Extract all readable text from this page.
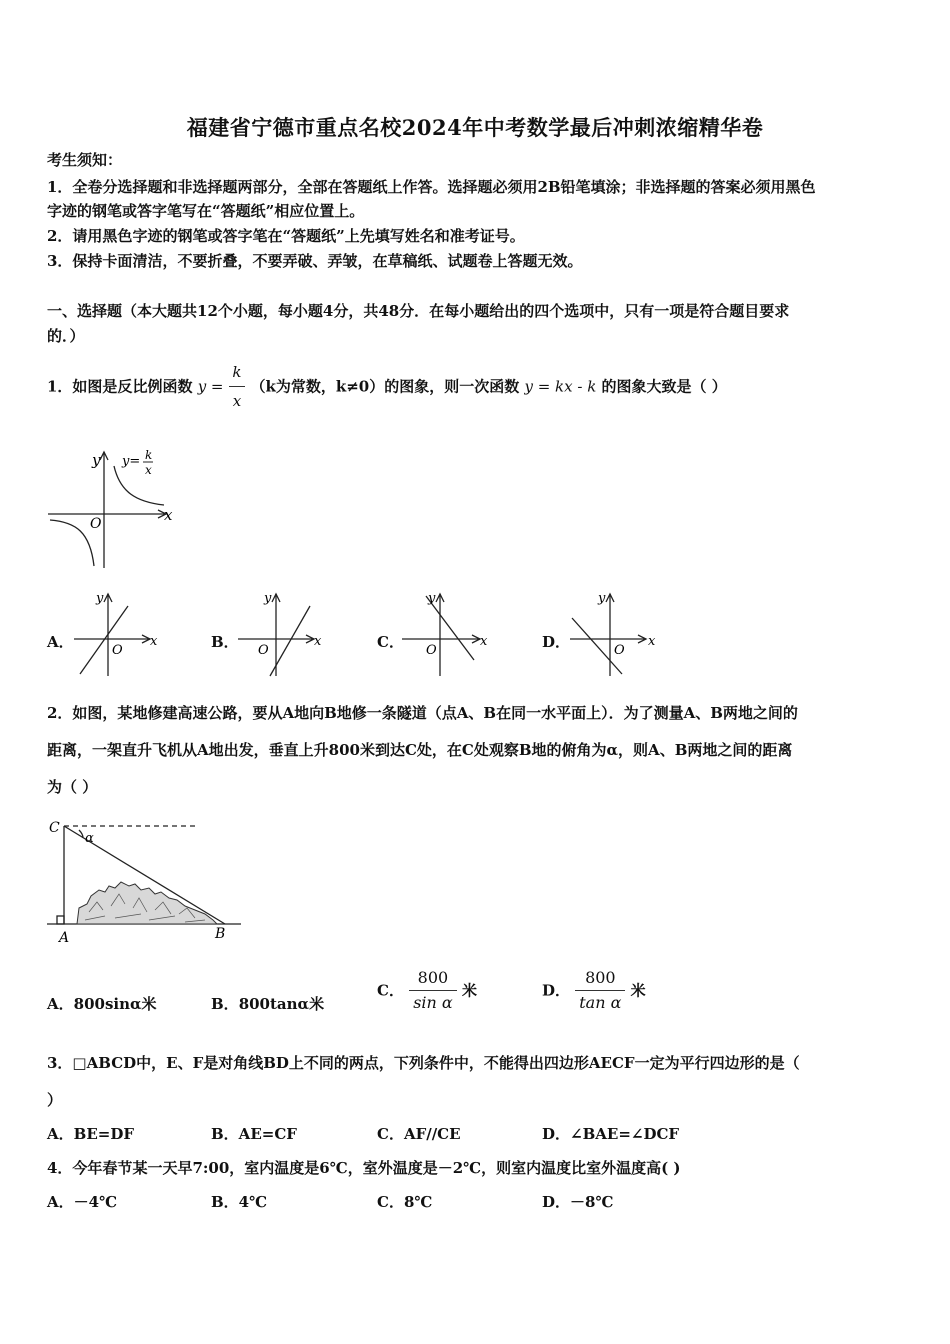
福建省宁德市重点名校2024年中考数学最后冲刺浓缩精华卷
考生须知：
1．全卷分选择题和非选择题两部分，全部在答题纸上作答。选择题必须用2B铅笔填涂；非选择题的答案必须用黑色
字迹的钢笔或答字笔写在“答题纸”相应位置上。
2．请用黑色字迹的钢笔或答字笔在“答题纸”上先填写姓名和准考证号。
3．保持卡面清洁，不要折叠，不要弄破、弄皱，在草稿纸、试题卷上答题无效。
一、选择题（本大题共12个小题，每小题4分，共48分．在每小题给出的四个选项中，只有一项是符合题目要求
的．）
1．如图是反比例函数 $y = \frac{k}{x} (k$为常数，k≠0）的图象，则一次函数 y = kx - k 的图象大致是（ ）
y
x
O
y= k
x
A．	B．	C．	D．
y
x
O
y
x
O
y
x
O
y
x
O
2．如图，某地修建高速公路，要从A地向B地修一条隧道（点A、B在同一水平面上）．为了测量A、B两地之间的
距离，一架直升飞机从A地出发，垂直上升800米到达C处，在C处观察B地的俯角为α，则A、B两地之间的距离
为（ ）
C
α
A	B
A．800sinα米	B．800tanα米
C． $\frac{800}{\text{sin α}}$ 米	D． $\frac{800}{\text{tan α}}$ 米
3．□ABCD中，E、F是对角线BD上不同的两点，下列条件中，不能得出四边形AECF一定为平行四边形的是（
）
A．BE=DF	B．AE=CF	C．AF//CE	D．∠BAE=∠DCF
4．今年春节某一天早7:00，室内温度是6℃，室外温度是－2℃，则室内温度比室外温度高( )
A．－4℃	B．4℃	C．8℃	D．－8℃
